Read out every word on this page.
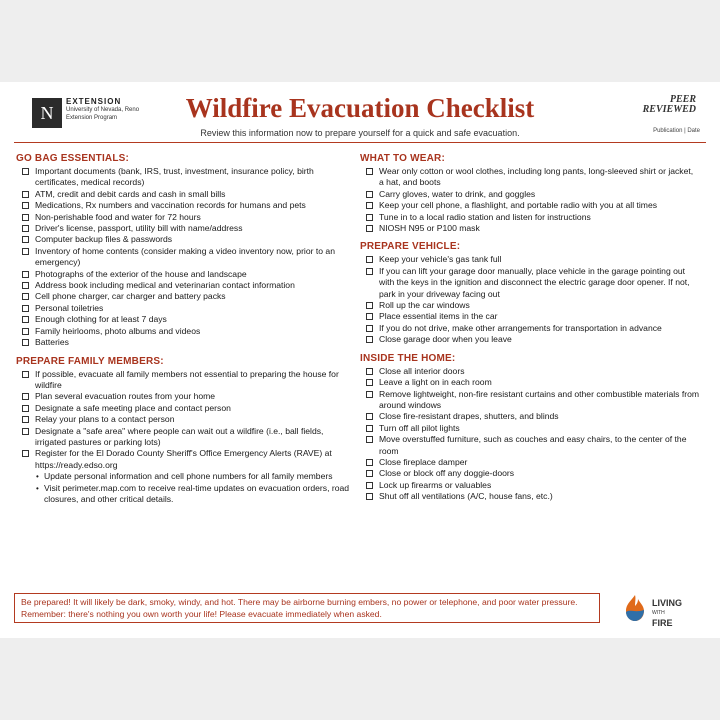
N
EXTENSION
University of Nevada, Reno
Extension Program	Wildfire Evacuation Checklist
Review this information now to prepare yourself for a quick and safe evacuation.
PEER
REVIEWED
Publication | Date
GO BAG ESSENTIALS:
Important documents (bank, IRS, trust, investment, insurance policy, birth certificates, medical records)
ATM, credit and debit cards and cash in small bills
Medications, Rx numbers and vaccination records for humans and pets
Non-perishable food and water for 72 hours
Driver's license, passport, utility bill with name/address
Computer backup files & passwords
Inventory of home contents (consider making a video inventory now, prior to an emergency)
Photographs of the exterior of the house and landscape
Address book including medical and veterinarian contact information
Cell phone charger, car charger and battery packs
Personal toiletries
Enough clothing for at least 7 days
Family heirlooms, photo albums and videos
Batteries
PREPARE FAMILY MEMBERS:
If possible, evacuate all family members not essential to preparing the house for wildfire
Plan several evacuation routes from your home
Designate a safe meeting place and contact person
Relay your plans to a contact person
Designate a "safe area" where people can wait out a wildfire (i.e., ball fields, irrigated pastures or parking lots)
Register for the El Dorado County Sheriff's Office Emergency Alerts (RAVE) at https://ready.edso.org
• Update personal information and cell phone numbers for all family members
• Visit perimeter.map.com to receive real-time updates on evacuation orders, road closures, and other critical details.
WHAT TO WEAR:
Wear only cotton or wool clothes, including long pants, long-sleeved shirt or jacket, a hat, and boots
Carry gloves, water to drink, and goggles
Keep your cell phone, a flashlight, and portable radio with you at all times
Tune in to a local radio station and listen for instructions
NIOSH N95 or P100 mask
PREPARE VEHICLE:
Keep your vehicle's gas tank full
If you can lift your garage door manually, place vehicle in the garage pointing out with the keys in the ignition and disconnect the electric garage door opener. If not, park in your driveway facing out
Roll up the car windows
Place essential items in the car
If you do not drive, make other arrangements for transportation in advance
Close garage door when you leave
INSIDE THE HOME:
Close all interior doors
Leave a light on in each room
Remove lightweight, non-fire resistant curtains and other combustible materials from around windows
Close fire-resistant drapes, shutters, and blinds
Turn off all pilot lights
Move overstuffed furniture, such as couches and easy chairs, to the center of the room
Close fireplace damper
Close or block off any doggie-doors
Lock up firearms or valuables
Shut off all ventilations (A/C, house fans, etc.)
Be prepared! It will likely be dark, smoky, windy, and hot. There may be airborne burning embers, no power or telephone, and poor water pressure. Remember: there's nothing you own worth your life! Please evacuate immediately when asked.
LIVING
WITH
FIRE
